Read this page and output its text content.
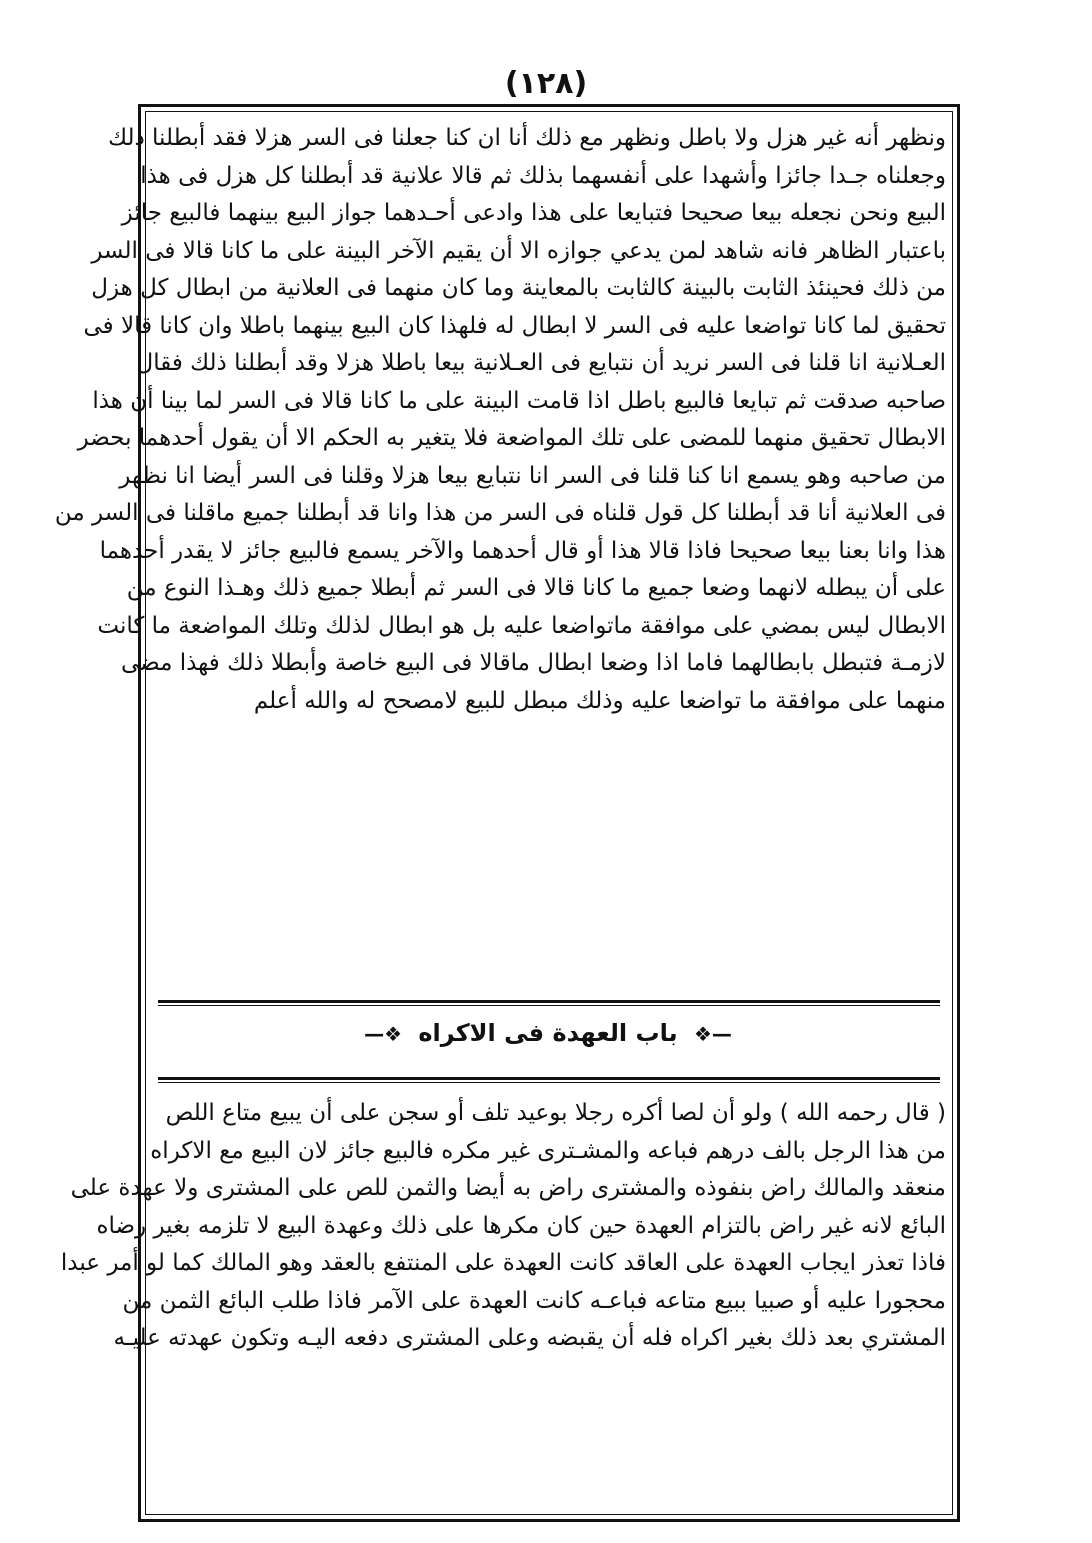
(١٢٨)
ونظهر أنه غير هزل ولا باطل ونظهر مع ذلك أنا ان كنا جعلنا فى السر هزلا فقد أبطلنا ذلك
وجعلناه جـدا جائزا وأشهدا على أنفسهما بذلك ثم قالا علانية قد أبطلنا كل هزل فى هذا
البيع ونحن نجعله بيعا صحيحا فتبايعا على هذا وادعى أحـدهما جواز البيع بينهما فالبيع جائز
باعتبار الظاهر فانه شاهد لمن يدعي جوازه الا أن يقيم الآخر البينة على ما كانا قالا فى السر
من ذلك فحينئذ الثابت بالبينة كالثابت بالمعاينة وما كان منهما فى العلانية من ابطال كل هزل
تحقيق لما كانا تواضعا عليه فى السر لا ابطال له فلهذا كان البيع بينهما باطلا وان كانا قالا فى
العـلانية انا قلنا فى السر نريد أن نتبايع فى العـلانية بيعا باطلا هزلا وقد أبطلنا ذلك فقال
صاحبه صدقت ثم تبايعا فالبيع باطل اذا قامت البينة على ما كانا قالا فى السر لما بينا أن هذا
الابطال تحقيق منهما للمضى على تلك المواضعة فلا يتغير به الحكم الا أن يقول أحدهما بحضر
من صاحبه وهو يسمع انا كنا قلنا فى السر انا نتبايع بيعا هزلا وقلنا فى السر أيضا انا نظهر
فى العلانية أنا قد أبطلنا كل قول قلناه فى السر من هذا وانا قد أبطلنا جميع ماقلنا فى السر من
هذا وانا بعنا بيعا صحيحا فاذا قالا هذا أو قال أحدهما والآخر يسمع فالبيع جائز لا يقدر أحدهما
على أن يبطله لانهما وضعا جميع ما كانا قالا فى السر ثم أبطلا جميع ذلك وهـذا النوع من
الابطال ليس بمضي على موافقة ماتواضعا عليه بل هو ابطال لذلك وتلك المواضعة ما كانت
لازمـة فتبطل بابطالهما فاما اذا وضعا ابطال ماقالا فى البيع خاصة وأبطلا ذلك فهذا مضى
منهما على موافقة ما تواضعا عليه وذلك مبطل للبيع لامصحح له والله أعلم
—❖ باب العهدة فى الاكراه ❖—
( قال رحمه الله ) ولو أن لصا أكره رجلا بوعيد تلف أو سجن على أن يبيع متاع اللص
من هذا الرجل بالف درهم فباعه والمشـترى غير مكره فالبيع جائز لان البيع مع الاكراه
منعقد والمالك راض بنفوذه والمشترى راض به أيضا والثمن للص على المشترى ولا عهدة على
البائع لانه غير راض بالتزام العهدة حين كان مكرها على ذلك وعهدة البيع لا تلزمه بغير رضاه
فاذا تعذر ايجاب العهدة على العاقد كانت العهدة على المنتفع بالعقد وهو المالك كما لو أمر عبدا
محجورا عليه أو صبيا ببيع متاعه فباعـه كانت العهدة على الآمر فاذا طلب البائع الثمن من
المشتري بعد ذلك بغير اكراه فله أن يقبضه وعلى المشترى دفعه اليـه وتكون عهدته عليـه
